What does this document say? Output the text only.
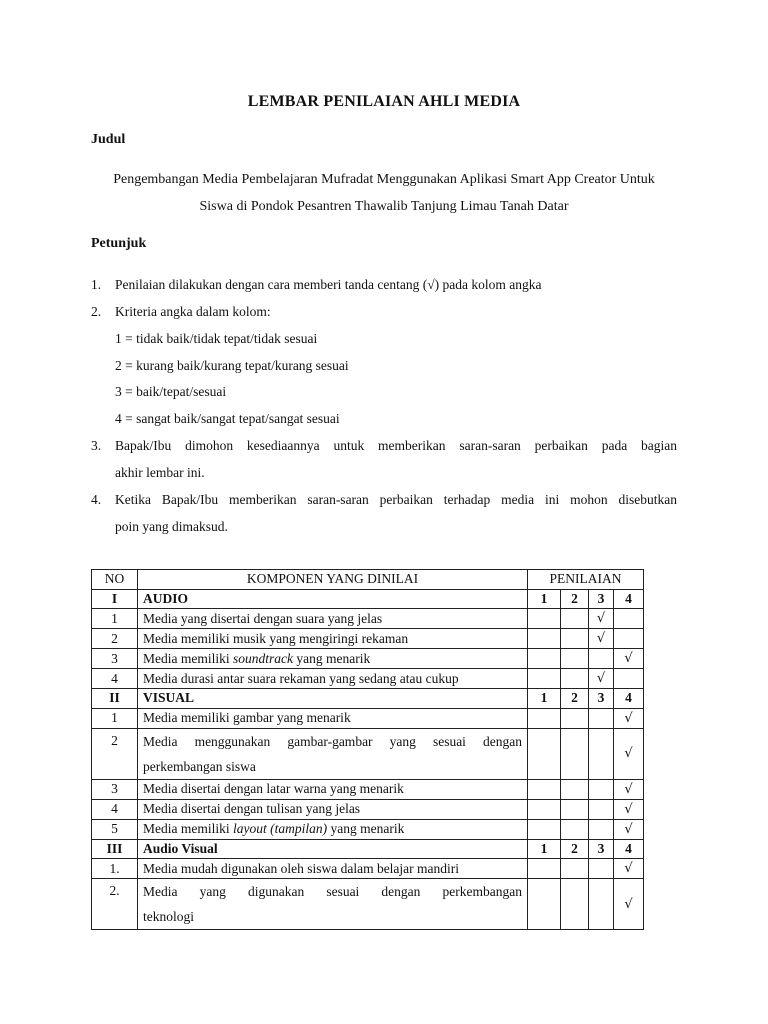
LEMBAR PENILAIAN AHLI MEDIA
Judul
Pengembangan Media Pembelajaran Mufradat Menggunakan Aplikasi Smart App Creator Untuk
Siswa di Pondok Pesantren Thawalib Tanjung Limau Tanah Datar
Petunjuk
1. Penilaian dilakukan dengan cara memberi tanda centang (√) pada kolom angka
2. Kriteria angka dalam kolom:
1 = tidak baik/tidak tepat/tidak sesuai
2 = kurang baik/kurang tepat/kurang sesuai
3 = baik/tepat/sesuai
4 = sangat baik/sangat tepat/sangat sesuai
3. Bapak/Ibu dimohon kesediaannya untuk memberikan saran-saran perbaikan pada bagian
akhir lembar ini.
4. Ketika Bapak/Ibu memberikan saran-saran perbaikan terhadap media ini mohon disebutkan
poin yang dimaksud.
NO	KOMPONEN YANG DINILAI	PENILAIAN			
I	AUDIO	1	2	3	4
1	Media yang disertai dengan suara yang jelas			√	
2	Media memiliki musik yang mengiringi rekaman			√	
3	Media memiliki soundtrack yang menarik				√
4	Media durasi antar suara rekaman yang sedang atau cukup			√	
II	VISUAL	1	2	3	4
1	Media memiliki gambar yang menarik				√
2	Media menggunakan gambar-gambar yang sesuai dengan
perkembangan siswa				√
3	Media disertai dengan latar warna yang menarik				√
4	Media disertai dengan tulisan yang jelas				√
5	Media memiliki layout (tampilan) yang menarik				√
III	Audio Visual	1	2	3	4
1.	Media mudah digunakan oleh siswa dalam belajar mandiri				√
2.	Media yang digunakan sesuai dengan perkembangan
teknologi				√
